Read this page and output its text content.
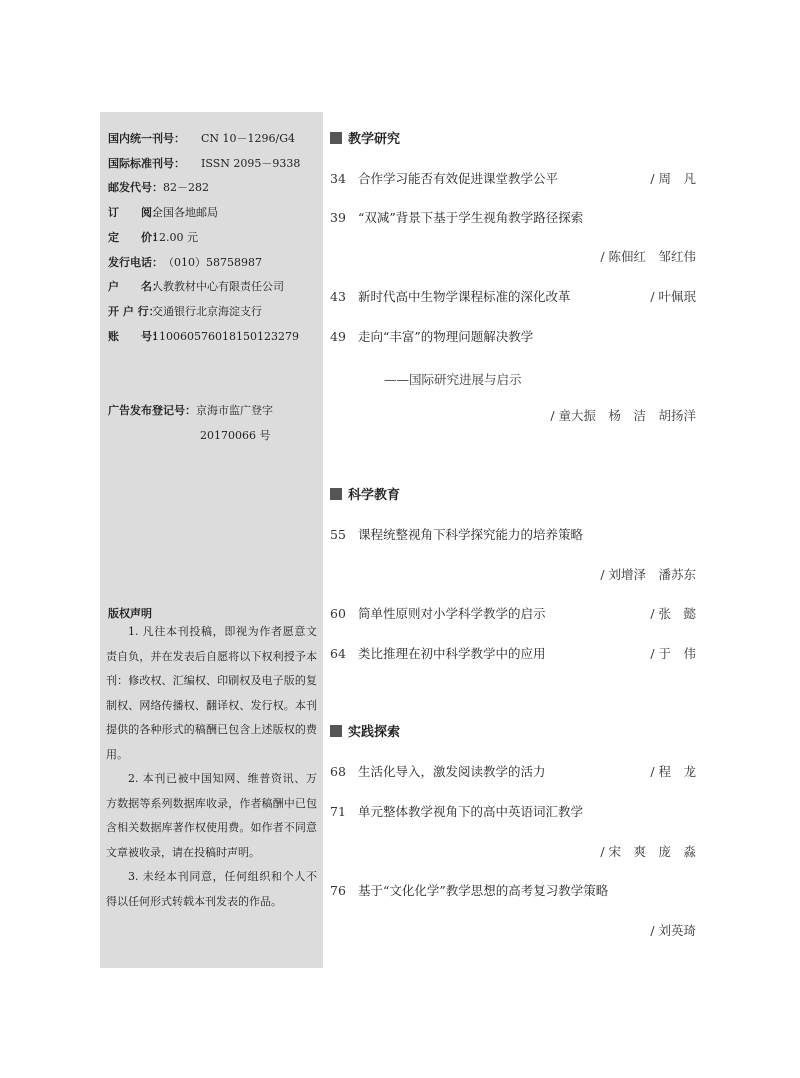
国内统一刊号： CN 10－1296/G4
国际标准刊号： ISSN 2095－9338
邮发代号：82－282
订　　阅：全国各地邮局
定　　价：12.00 元
发行电话：（010）58758987
户　　名：人教教材中心有限责任公司
开 户 行：交通银行北京海淀支行
账　　号：110060576018150123279
广告发布登记号：京海市监广登字
20170066 号
版权声明

1. 凡往本刊投稿，即视为作者愿意文责自负，并在发表后自愿将以下权利授予本刊：修改权、汇编权、印刷权及电子版的复制权、网络传播权、翻译权、发行权。本刊提供的各种形式的稿酬已包含上述版权的费用。

2. 本刊已被中国知网、维普资讯、万方数据等系列数据库收录，作者稿酬中已包含相关数据库著作权使用费。如作者不同意文章被收录，请在投稿时声明。

3. 未经本刊同意，任何组织和个人不得以任何形式转载本刊发表的作品。

教学研究
34 合作学习能否有效促进课堂教学公平	/ 周　凡
39 “双减”背景下基于学生视角教学路径探索
/ 陈佃红　邹红伟
43 新时代高中生物学课程标准的深化改革	/ 叶佩珉
49 走向“丰富”的物理问题解决教学
——国际研究进展与启示
/ 童大振　杨　洁　胡扬洋
科学教育
55 课程统整视角下科学探究能力的培养策略
/ 刘增泽　潘苏东
60 简单性原则对小学科学教学的启示	/ 张　懿
64 类比推理在初中科学教学中的应用	/ 于　伟
实践探索
68 生活化导入，激发阅读教学的活力	/ 程　龙
71 单元整体教学视角下的高中英语词汇教学
/ 宋　爽　庞　淼
76 基于“文化化学”教学思想的高考复习教学策略
/ 刘英琦
